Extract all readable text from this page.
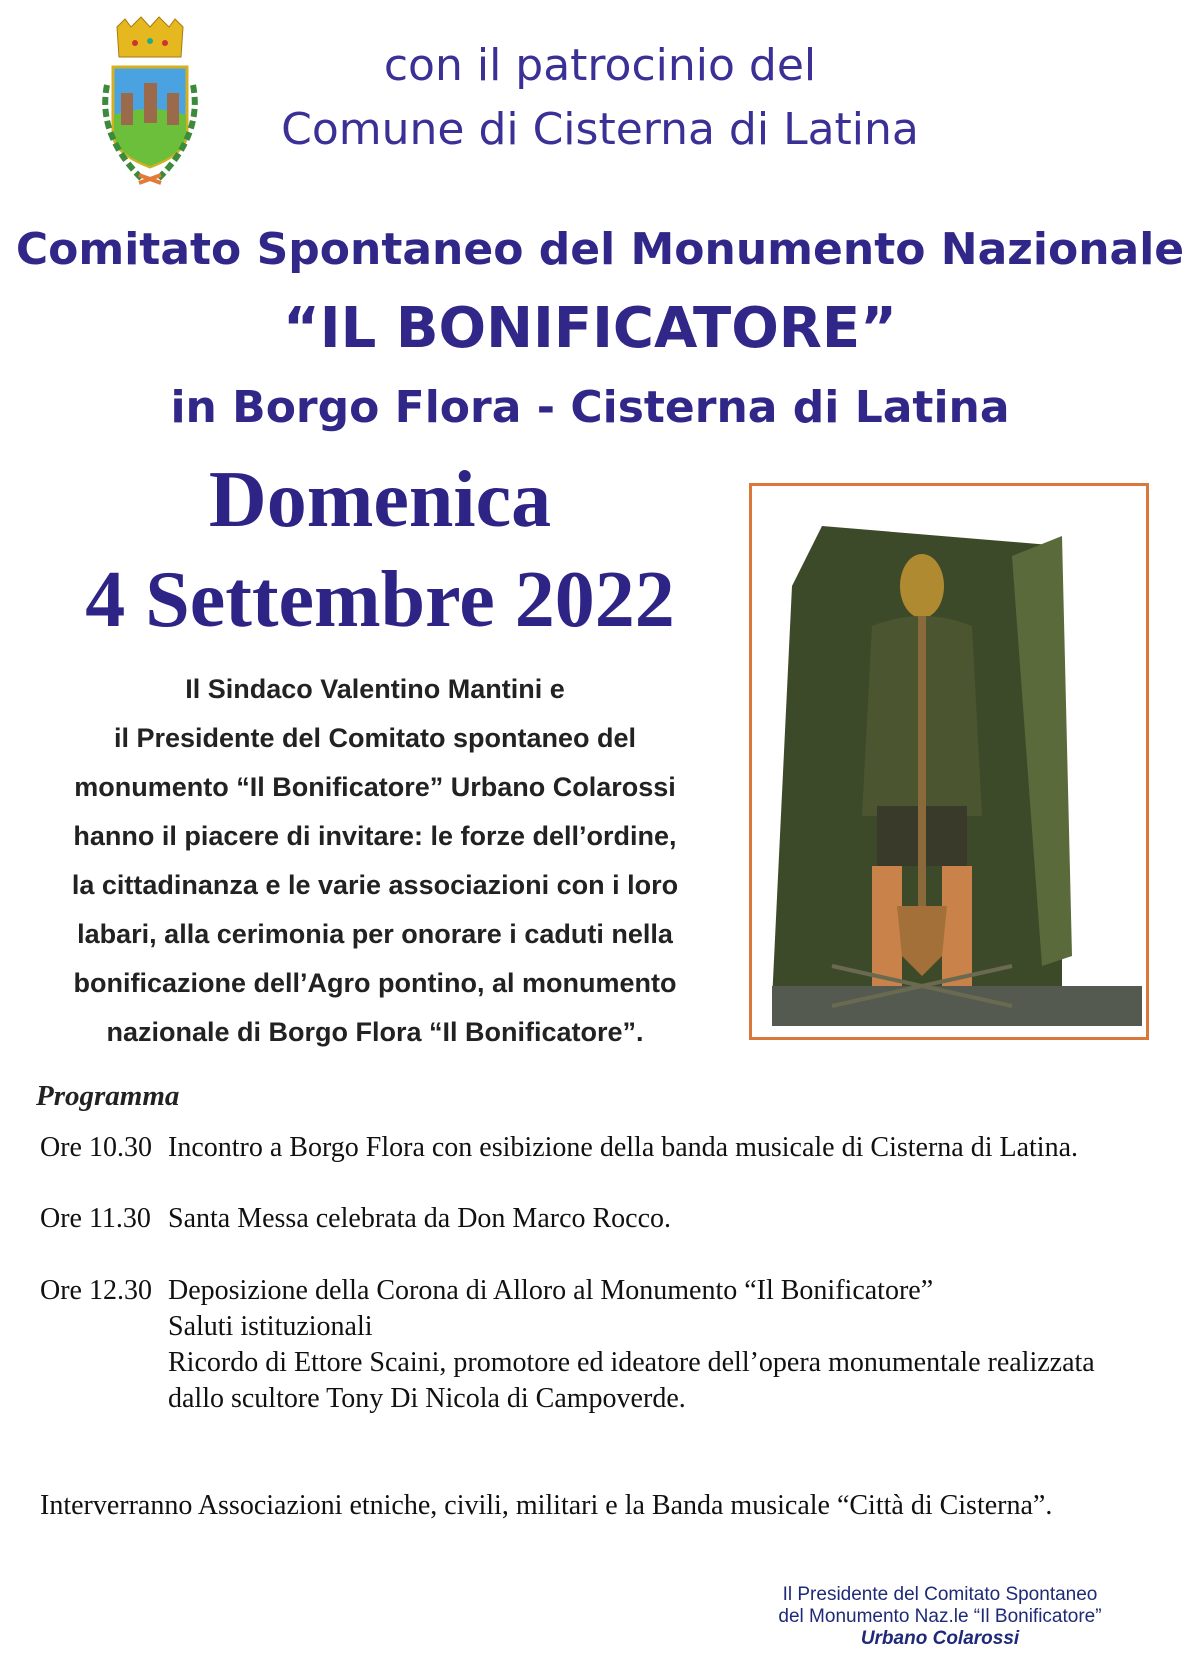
con il patrocinio del
Comune di Cisterna di Latina
Comitato Spontaneo del Monumento Nazionale
“IL BONIFICATORE”
in Borgo Flora - Cisterna di Latina
Domenica
4 Settembre 2022
Il Sindaco Valentino Mantini e
il Presidente del Comitato spontaneo del
monumento “Il Bonificatore” Urbano Colarossi
hanno il piacere di invitare: le forze dell’ordine,
la cittadinanza e le varie associazioni con i loro
labari, alla cerimonia per onorare i caduti nella
bonificazione dell’Agro pontino, al monumento
nazionale di Borgo Flora “Il Bonificatore”.
Programma
Ore 10.30 Incontro a Borgo Flora con esibizione della banda musicale di Cisterna di Latina.
Ore 11.30 Santa Messa celebrata da Don Marco Rocco.
Ore 12.30 Deposizione della Corona di Alloro al Monumento “Il Bonificatore”
Saluti istituzionali
Ricordo di Ettore Scaini, promotore ed ideatore dell’opera monumentale realizzata
dallo scultore Tony Di Nicola di Campoverde.
Interverranno Associazioni etniche, civili, militari e la Banda musicale “Città di Cisterna”.
Il Presidente del Comitato Spontaneo
del Monumento Naz.le “Il Bonificatore”
Urbano Colarossi
